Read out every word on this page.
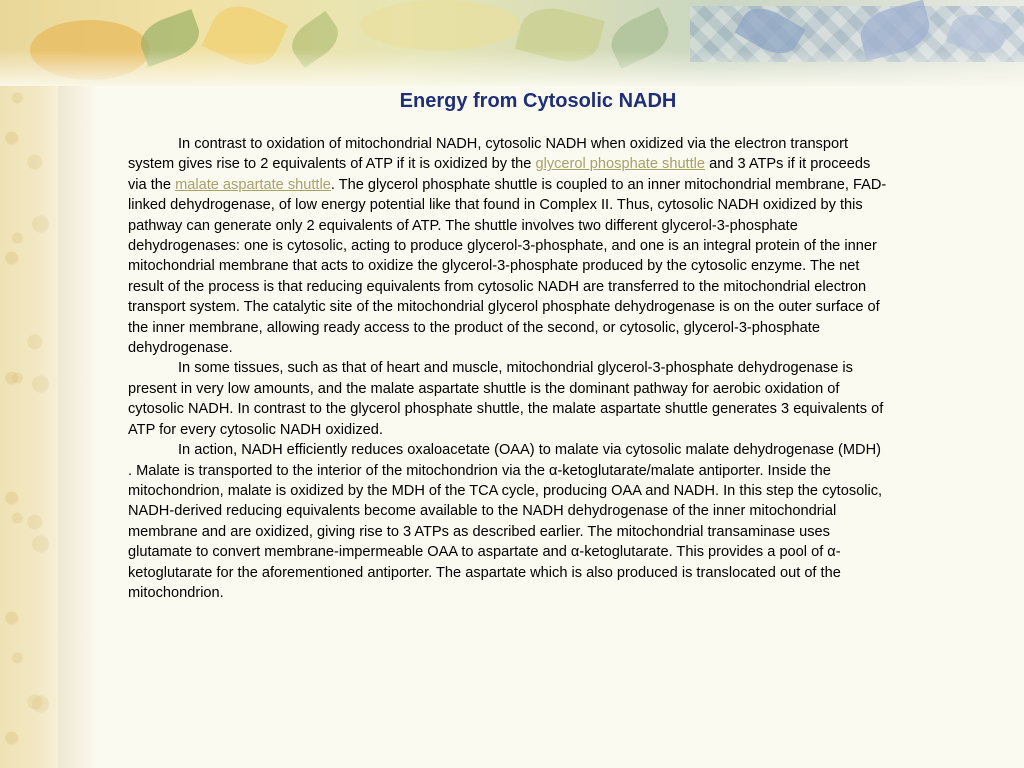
Energy from Cytosolic NADH

In contrast to oxidation of mitochondrial NADH, cytosolic NADH when oxidized via the electron transport system gives rise to 2 equivalents of ATP if it is oxidized by the glycerol phosphate shuttle and 3 ATPs if it proceeds via the malate aspartate shuttle. The glycerol phosphate shuttle is coupled to an inner mitochondrial membrane, FAD-linked dehydrogenase, of low energy potential like that found in Complex II. Thus, cytosolic NADH oxidized by this pathway can generate only 2 equivalents of ATP. The shuttle involves two different glycerol-3-phosphate dehydrogenases: one is cytosolic, acting to produce glycerol-3-phosphate, and one is an integral protein of the inner mitochondrial membrane that acts to oxidize the glycerol-3-phosphate produced by the cytosolic enzyme. The net result of the process is that reducing equivalents from cytosolic NADH are transferred to the mitochondrial electron transport system. The catalytic site of the mitochondrial glycerol phosphate dehydrogenase is on the outer surface of the inner membrane, allowing ready access to the product of the second, or cytosolic, glycerol-3-phosphate dehydrogenase.

In some tissues, such as that of heart and muscle, mitochondrial glycerol-3-phosphate dehydrogenase is present in very low amounts, and the malate aspartate shuttle is the dominant pathway for aerobic oxidation of cytosolic NADH. In contrast to the glycerol phosphate shuttle, the malate aspartate shuttle generates 3 equivalents of ATP for every cytosolic NADH oxidized.

In action, NADH efficiently reduces oxaloacetate (OAA) to malate via cytosolic malate dehydrogenase (MDH) . Malate is transported to the interior of the mitochondrion via the α-ketoglutarate/malate antiporter. Inside the mitochondrion, malate is oxidized by the MDH of the TCA cycle, producing OAA and NADH. In this step the cytosolic, NADH-derived reducing equivalents become available to the NADH dehydrogenase of the inner mitochondrial membrane and are oxidized, giving rise to 3 ATPs as described earlier. The mitochondrial transaminase uses glutamate to convert membrane-impermeable OAA to aspartate and α-ketoglutarate. This provides a pool of α-ketoglutarate for the aforementioned antiporter. The aspartate which is also produced is translocated out of the mitochondrion.
